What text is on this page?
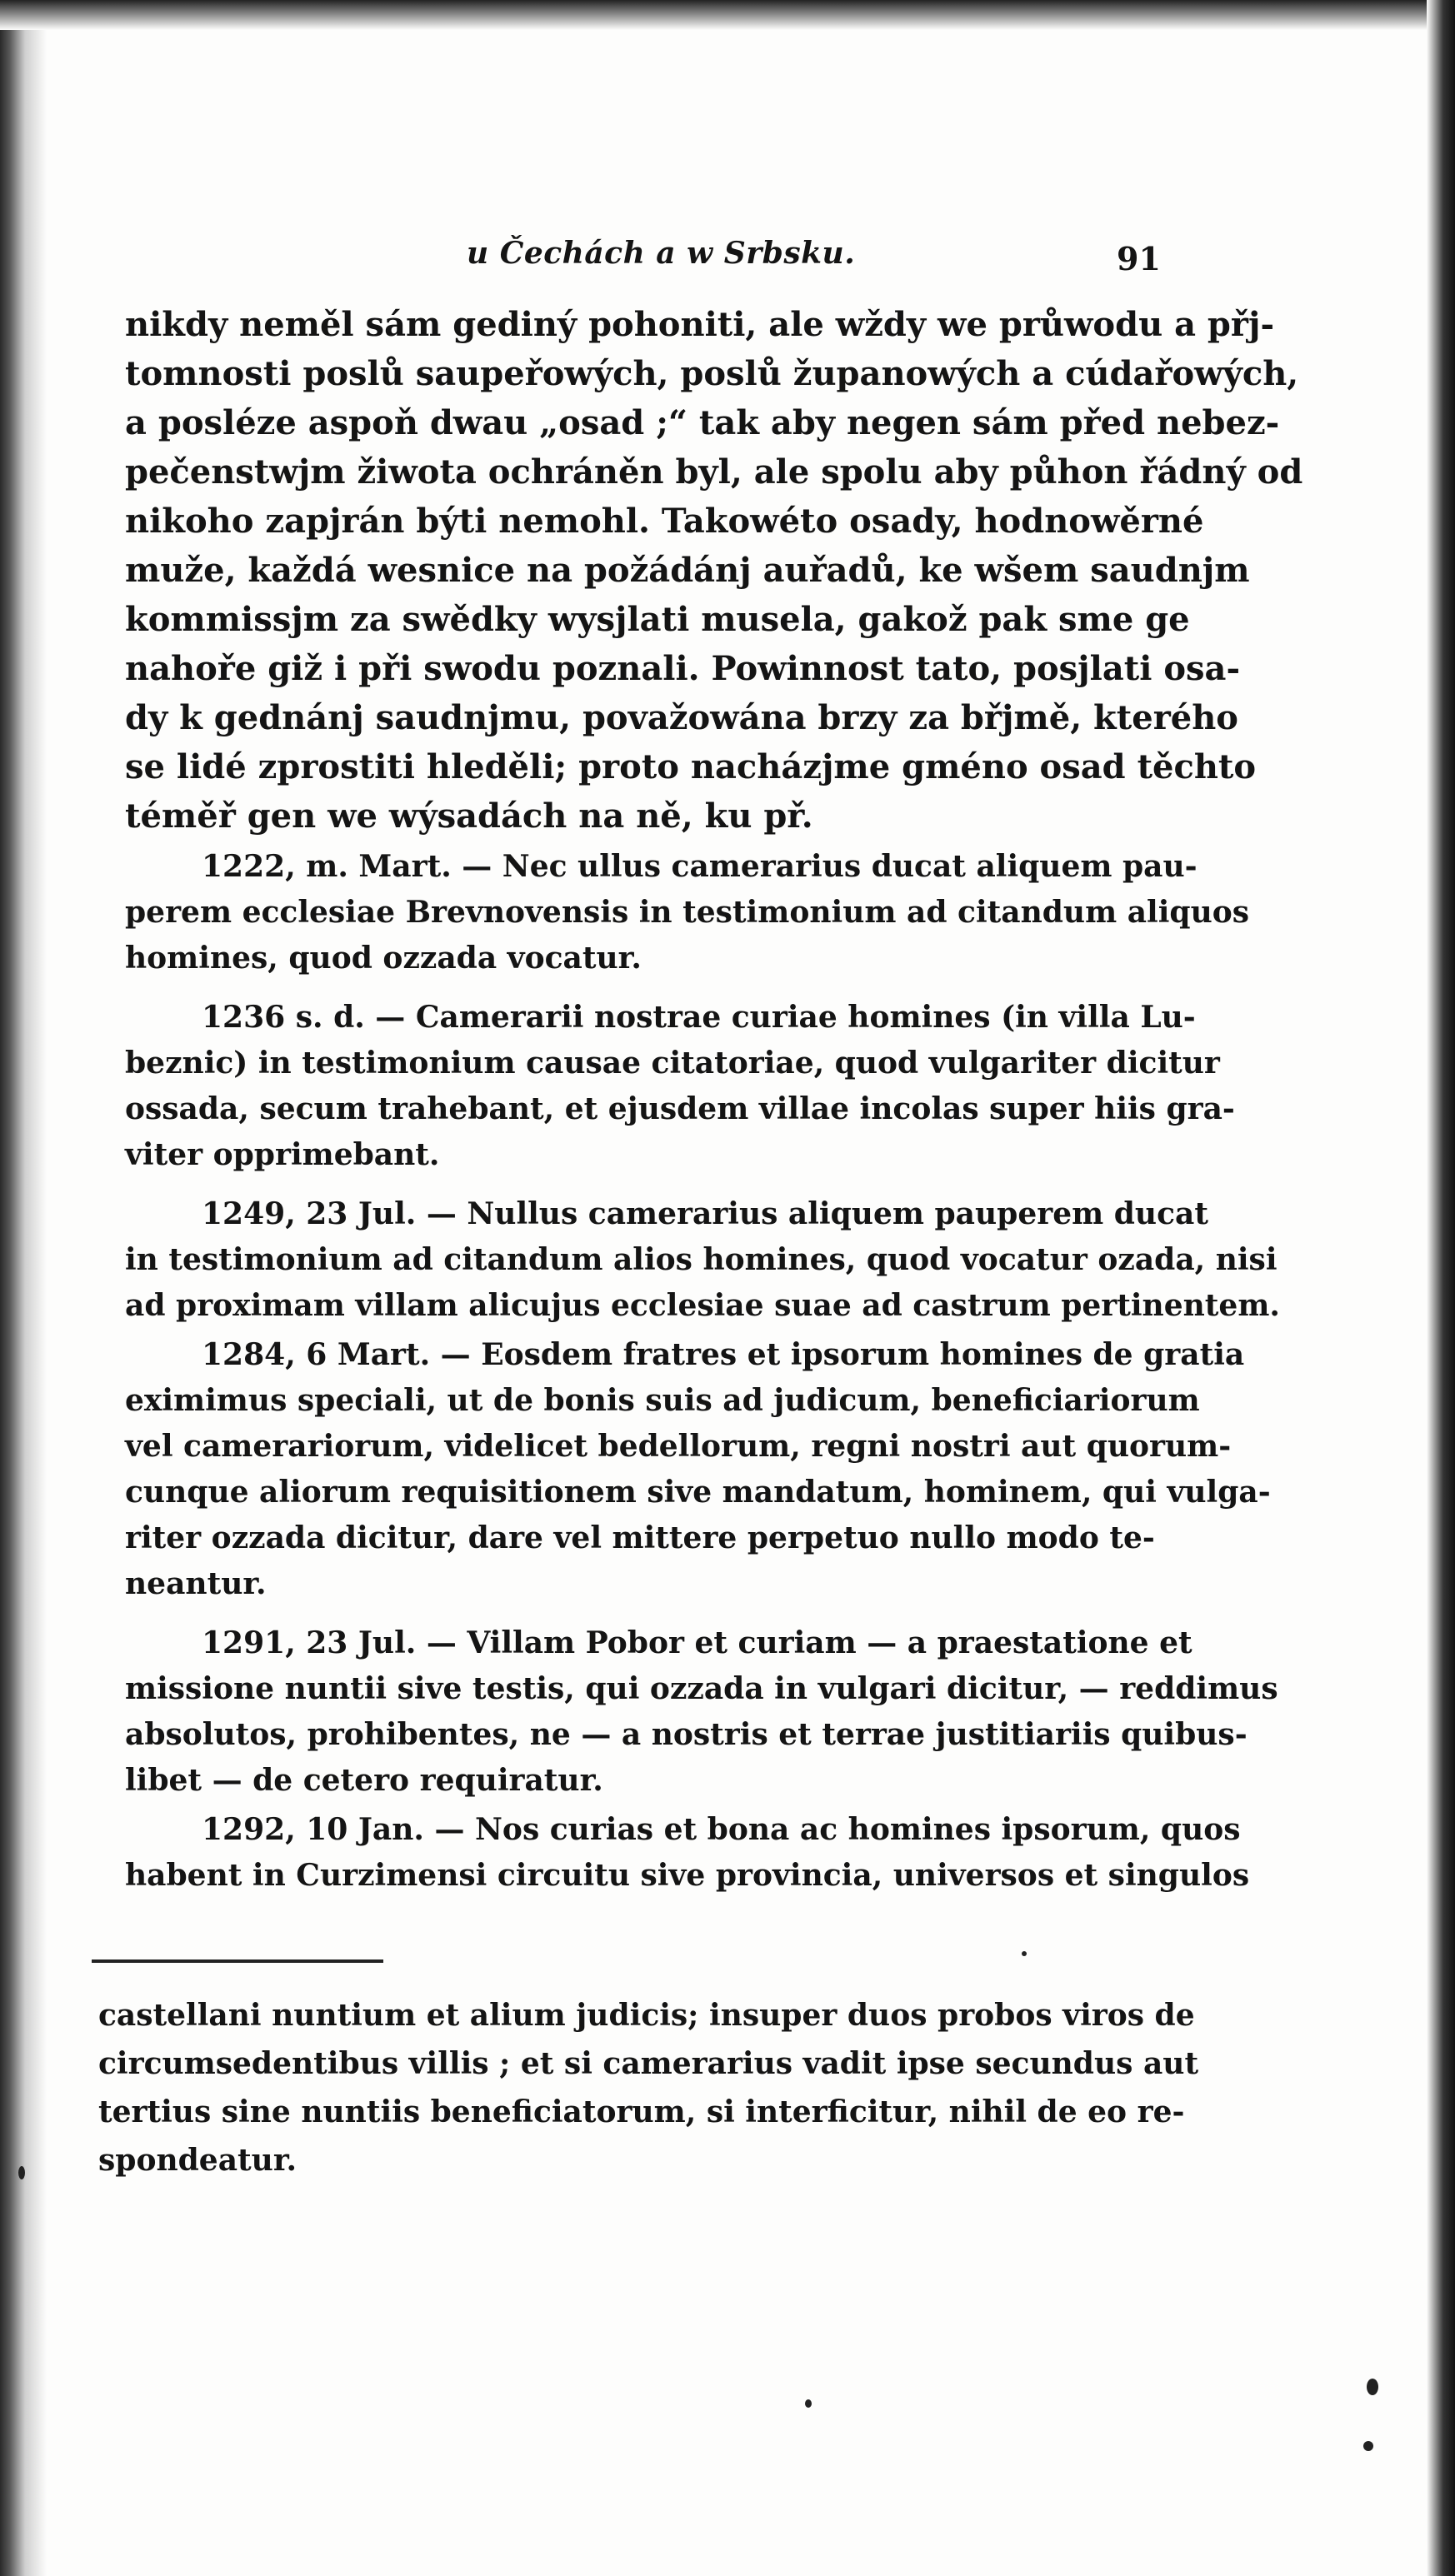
u Čechách a w Srbsku.	91
nikdy neměl sám gediný pohoniti, ale wždy we průwodu a přj-
tomnosti poslů saupeřowých, poslů županowých a cúdařowých,
a posléze aspoň dwau „osad ;“ tak aby negen sám před nebez-
pečenstwjm žiwota ochráněn byl, ale spolu aby půhon řádný od
nikoho zapjrán býti nemohl. Takowéto osady, hodnowěrné
muže, každá wesnice na požádánj auřadů, ke wšem saudnjm
kommissjm za swědky wysjlati musela, gakož pak sme ge
nahoře giž i při swodu poznali. Powinnost tato, posjlati osa-
dy k gednánj saudnjmu, považowána brzy za břjmě, kterého
se lidé zprostiti hleděli; proto nacházjme gméno osad těchto
téměř gen we wýsadách na ně, ku př.
1222, m. Mart. — Nec ullus camerarius ducat aliquem pau-
perem ecclesiae Brevnovensis in testimonium ad citandum aliquos
homines, quod ozzada vocatur.
1236 s. d. — Camerarii nostrae curiae homines (in villa Lu-
beznic) in testimonium causae citatoriae, quod vulgariter dicitur
ossada, secum trahebant, et ejusdem villae incolas super hiis gra-
viter opprimebant.
1249, 23 Jul. — Nullus camerarius aliquem pauperem ducat
in testimonium ad citandum alios homines, quod vocatur ozada, nisi
ad proximam villam alicujus ecclesiae suae ad castrum pertinentem.
1284, 6 Mart. — Eosdem fratres et ipsorum homines de gratia
eximimus speciali, ut de bonis suis ad judicum, beneficiariorum
vel camerariorum, videlicet bedellorum, regni nostri aut quorum-
cunque aliorum requisitionem sive mandatum, hominem, qui vulga-
riter ozzada dicitur, dare vel mittere perpetuo nullo modo te-
neantur.
1291, 23 Jul. — Villam Pobor et curiam — a praestatione et
missione nuntii sive testis, qui ozzada in vulgari dicitur, — reddimus
absolutos, prohibentes, ne — a nostris et terrae justitiariis quibus-
libet — de cetero requiratur.
1292, 10 Jan. — Nos curias et bona ac homines ipsorum, quos
habent in Curzimensi circuitu sive provincia, universos et singulos
castellani nuntium et alium judicis; insuper duos probos viros de
circumsedentibus villis ; et si camerarius vadit ipse secundus aut
tertius sine nuntiis beneficiatorum, si interficitur, nihil de eo re-
spondeatur.
